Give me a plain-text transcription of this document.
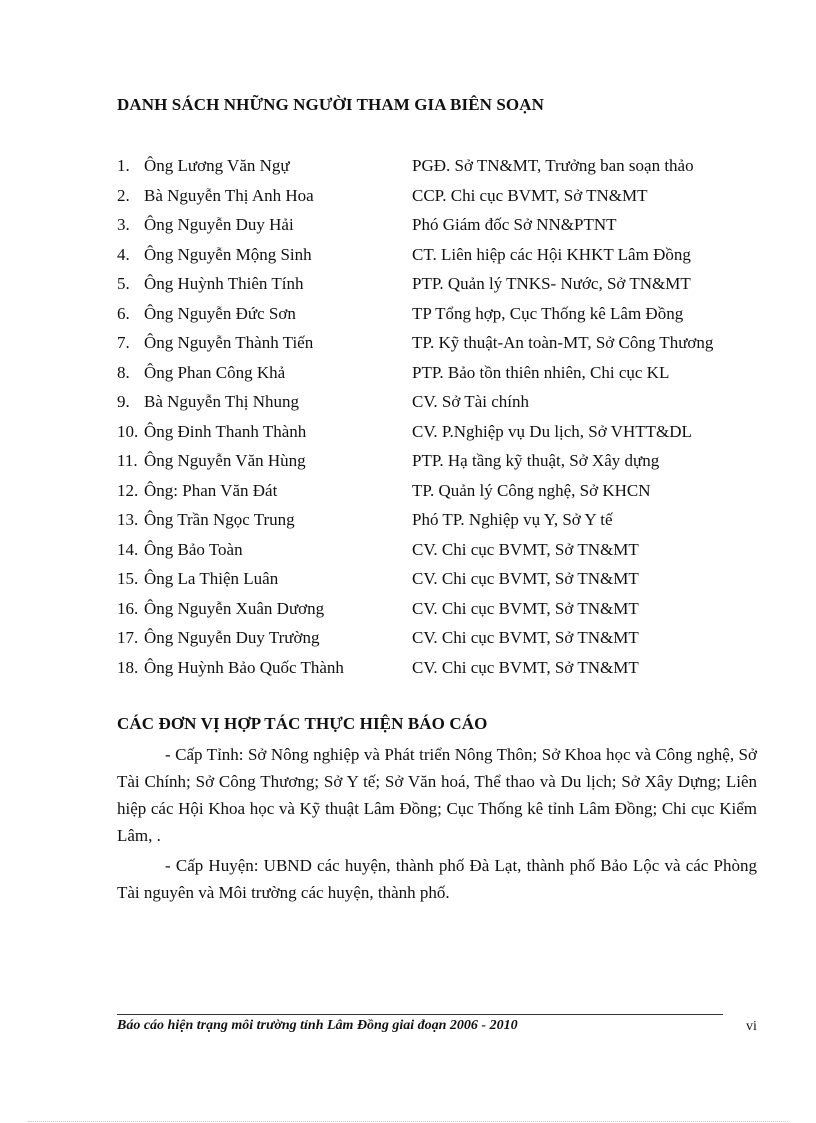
DANH SÁCH NHỮNG NGƯỜI THAM GIA BIÊN SOẠN
1. Ông Lương Văn Ngự	PGĐ. Sở TN&MT, Trưởng ban soạn thảo
2. Bà Nguyễn Thị Anh Hoa	CCP. Chi cục BVMT, Sở TN&MT
3. Ông Nguyễn Duy Hải	Phó Giám đốc Sở NN&PTNT
4. Ông Nguyễn Mộng Sinh	CT. Liên hiệp các Hội KHKT Lâm Đồng
5. Ông Huỳnh Thiên Tính	PTP. Quản lý TNKS- Nước, Sở TN&MT
6. Ông Nguyễn Đức Sơn	TP Tổng hợp, Cục Thống kê Lâm Đồng
7. Ông Nguyễn Thành Tiến	TP. Kỹ thuật-An toàn-MT, Sở Công Thương
8. Ông Phan Công Khả	PTP. Bảo tồn thiên nhiên, Chi cục KL
9. Bà Nguyễn Thị Nhung	CV. Sở Tài chính
10. Ông Đinh Thanh Thành	CV. P.Nghiệp vụ Du lịch, Sở VHTT&DL
11. Ông Nguyễn Văn Hùng	PTP. Hạ tầng kỹ thuật, Sở Xây dựng
12. Ông: Phan Văn Đát	TP. Quản lý Công nghệ, Sở KHCN
13. Ông Trần Ngọc Trung	Phó TP. Nghiệp vụ Y, Sở Y tế
14. Ông Bảo Toàn	CV. Chi cục BVMT, Sở TN&MT
15. Ông La Thiện Luân	CV. Chi cục BVMT, Sở TN&MT
16. Ông Nguyễn Xuân Dương	CV. Chi cục BVMT, Sở TN&MT
17. Ông Nguyễn Duy Trường	CV. Chi cục BVMT, Sở TN&MT
18. Ông Huỳnh Bảo Quốc Thành	CV. Chi cục BVMT, Sở TN&MT
CÁC ĐƠN VỊ HỢP TÁC THỰC HIỆN BÁO CÁO

- Cấp Tỉnh: Sở Nông nghiệp và Phát triển Nông Thôn; Sở Khoa học và Công nghệ, Sở Tài Chính; Sở Công Thương; Sở Y tế; Sở Văn hoá, Thể thao và Du lịch; Sở Xây Dựng; Liên hiệp các Hội Khoa học và Kỹ thuật Lâm Đồng; Cục Thống kê tỉnh Lâm Đồng; Chi cục Kiểm Lâm, .

- Cấp Huyện: UBND các huyện, thành phố Đà Lạt, thành phố Bảo Lộc và các Phòng Tài nguyên và Môi trường các huyện, thành phố.

Báo cáo hiện trạng môi trường tỉnh Lâm Đồng giai đoạn 2006 - 2010	vi
